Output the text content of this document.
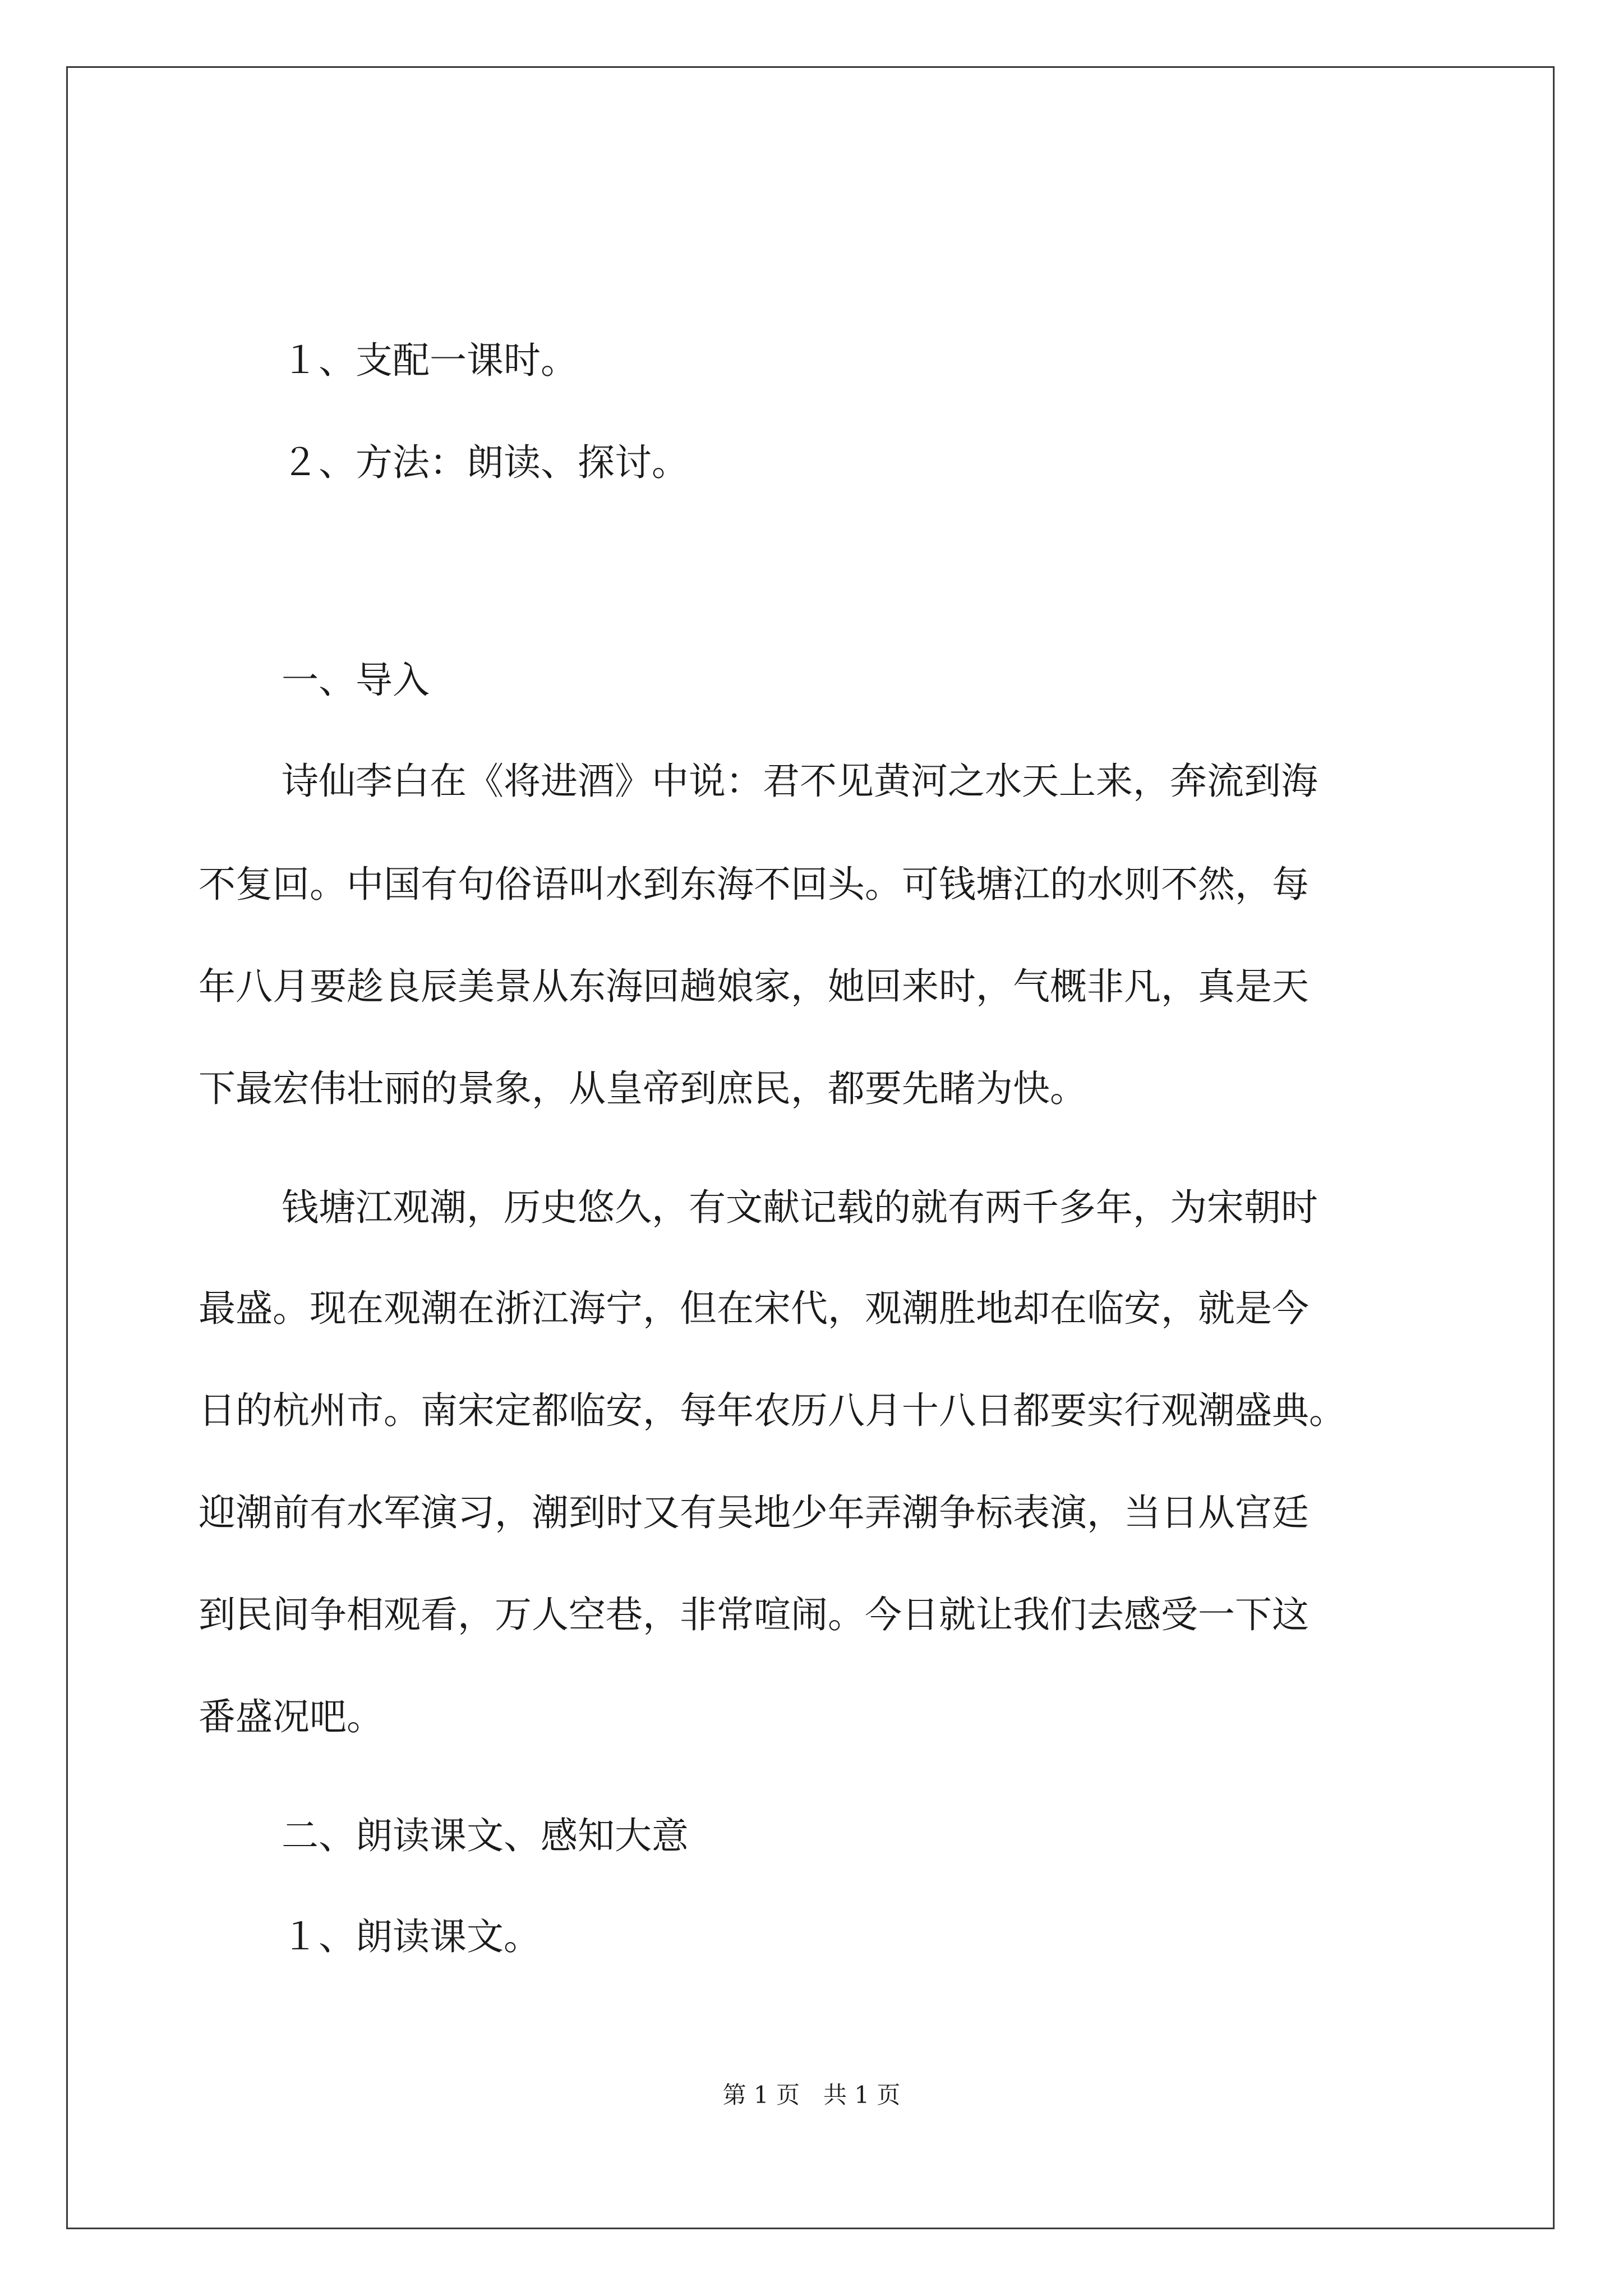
１、支配一课时。
２、方法：朗读、探讨。
一、导入
诗仙李白在《将进酒》中说：君不见黄河之水天上来，奔流到海
不复回。中国有句俗语叫水到东海不回头。可钱塘江的水则不然，每
年八月要趁良辰美景从东海回趟娘家，她回来时，气概非凡，真是天
下最宏伟壮丽的景象，从皇帝到庶民，都要先睹为快。
钱塘江观潮，历史悠久，有文献记载的就有两千多年，为宋朝时
最盛。现在观潮在浙江海宁，但在宋代，观潮胜地却在临安，就是今
日的杭州市。南宋定都临安，每年农历八月十八日都要实行观潮盛典。
迎潮前有水军演习，潮到时又有吴地少年弄潮争标表演，当日从宫廷
到民间争相观看，万人空巷，非常喧闹。今日就让我们去感受一下这
番盛况吧。
二、朗读课文、感知大意
１、朗读课文。
第 1 页　共 1 页
